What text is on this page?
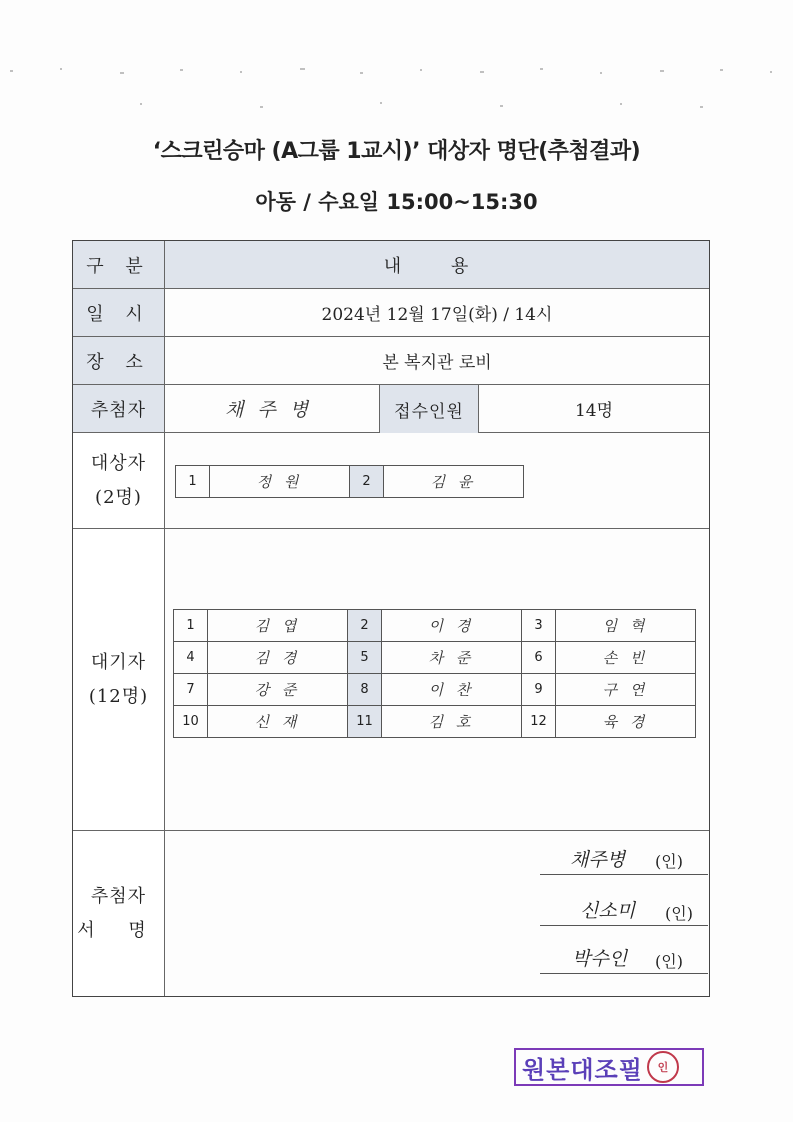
‘스크린승마 (A그룹 1교시)’ 대상자 명단(추첨결과)
아동 / 수요일 15:00~15:30
구 분	내 용
일 시	2024년 12월 17일(화) / 14시
장 소	본 복지관 로비
추첨자	채 주 병	접수인원	14명
대상자
(2명)
1	정 원	2	김 윤
대기자
(12명)
1	김 엽	2	이 경	3	임 혁
4	김 경	5	차 준	6	손 빈
7	강 준	8	이 찬	9	구 연
10	신 재	11	김 호	12	육 경
추첨자
서 명
채주병 (인)
신소미 (인)
박수인 (인)
원본대조필	인
